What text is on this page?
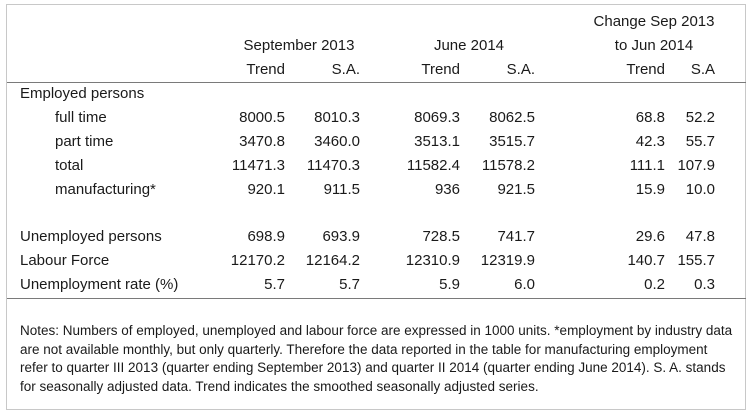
September 2013	June 2014
Change Sep 2013
to Jun 2014
Trend	S.A.	Trend	S.A.	Trend	S.A
Employed persons
full time	8000.5	8010.3	8069.3	8062.5	68.8	52.2
part time	3470.8	3460.0	3513.1	3515.7	42.3	55.7
total	11471.3	11470.3	11582.4	11578.2	111.1 107.9
manufacturing*	920.1	911.5	936	921.5	15.9	10.0
Unemployed persons	698.9	693.9	728.5	741.7	29.6	47.8
Labour Force	12170.2	12164.2	12310.9	12319.9	140.7 155.7
Unemployment rate (%)	5.7	5.7	5.9	6.0	0.2	0.3
Notes: Numbers of employed, unemployed and labour force are expressed in 1000 units. *employment by industry data are not available monthly, but only quarterly. Therefore the data reported in the table for manufacturing employment refer to quarter III 2013 (quarter ending September 2013) and quarter II 2014 (quarter ending June 2014). S. A. stands for seasonally adjusted data. Trend indicates the smoothed seasonally adjusted series.
